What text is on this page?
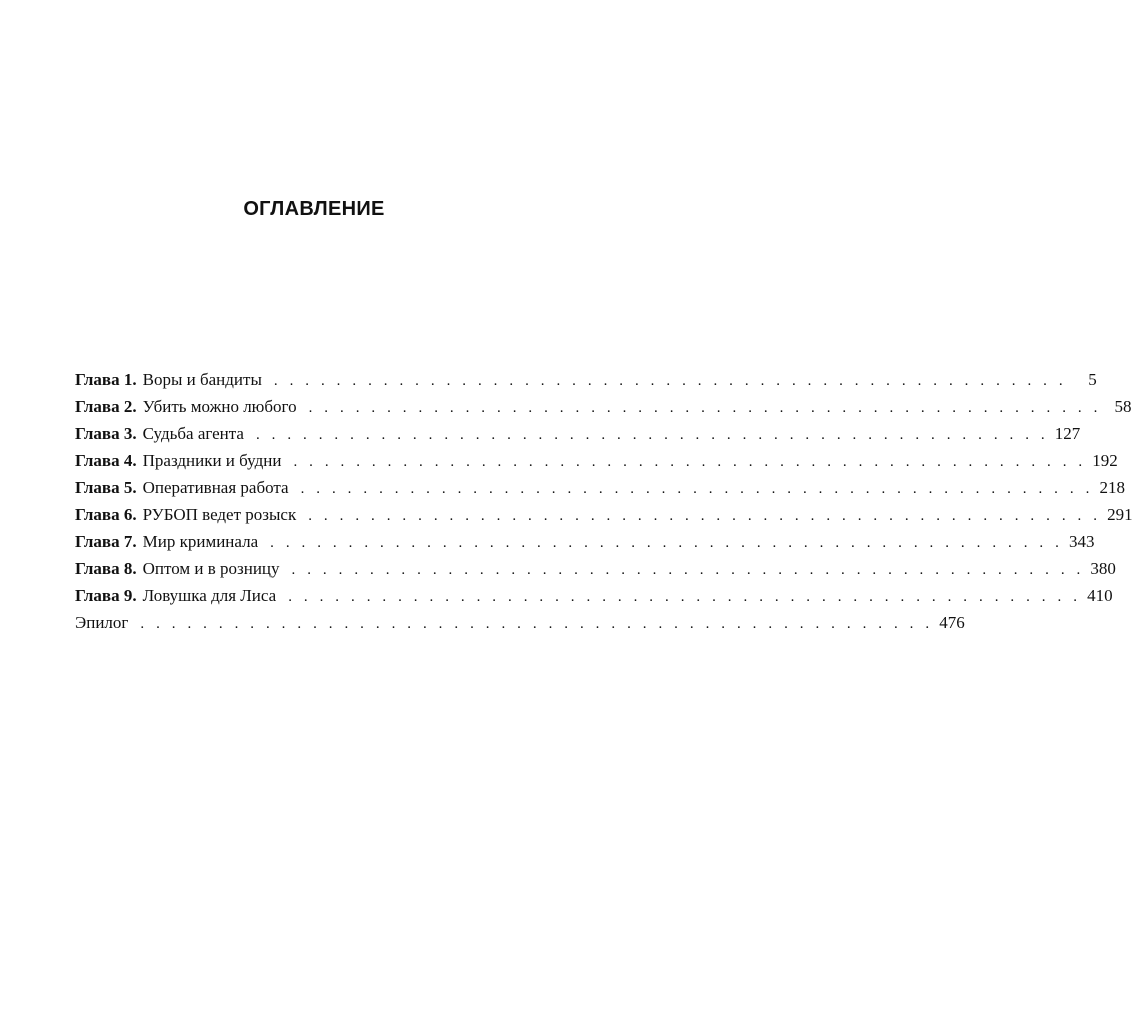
ОГЛАВЛЕНИЕ
Глава 1. Воры и бандиты . . . . . . . . . . . . . . . . . . . . . . . . . . . . . . . . . . . . . . . . . . . . . . . . . . .	5
Глава 2. Убить можно любого . . . . . . . . . . . . . . . . . . . . . . . . . . . . . . . . . . . . . . . . . . . . . . . . . . . 58
Глава 3. Судьба агента . . . . . . . . . . . . . . . . . . . . . . . . . . . . . . . . . . . . . . . . . . . . . . . . . . . 127
Глава 4. Праздники и будни . . . . . . . . . . . . . . . . . . . . . . . . . . . . . . . . . . . . . . . . . . . . . . . . . . . 192
Глава 5. Оперативная работа . . . . . . . . . . . . . . . . . . . . . . . . . . . . . . . . . . . . . . . . . . . . . . . . . . . 218
Глава 6. РУБОП ведет розыск . . . . . . . . . . . . . . . . . . . . . . . . . . . . . . . . . . . . . . . . . . . . . . . . . . . 291
Глава 7. Мир криминала . . . . . . . . . . . . . . . . . . . . . . . . . . . . . . . . . . . . . . . . . . . . . . . . . . . 343
Глава 8. Оптом и в розницу . . . . . . . . . . . . . . . . . . . . . . . . . . . . . . . . . . . . . . . . . . . . . . . . . . . 380
Глава 9. Ловушка для Лиса . . . . . . . . . . . . . . . . . . . . . . . . . . . . . . . . . . . . . . . . . . . . . . . . . . . 410
Эпилог . . . . . . . . . . . . . . . . . . . . . . . . . . . . . . . . . . . . . . . . . . . . . . . . . . . 476
